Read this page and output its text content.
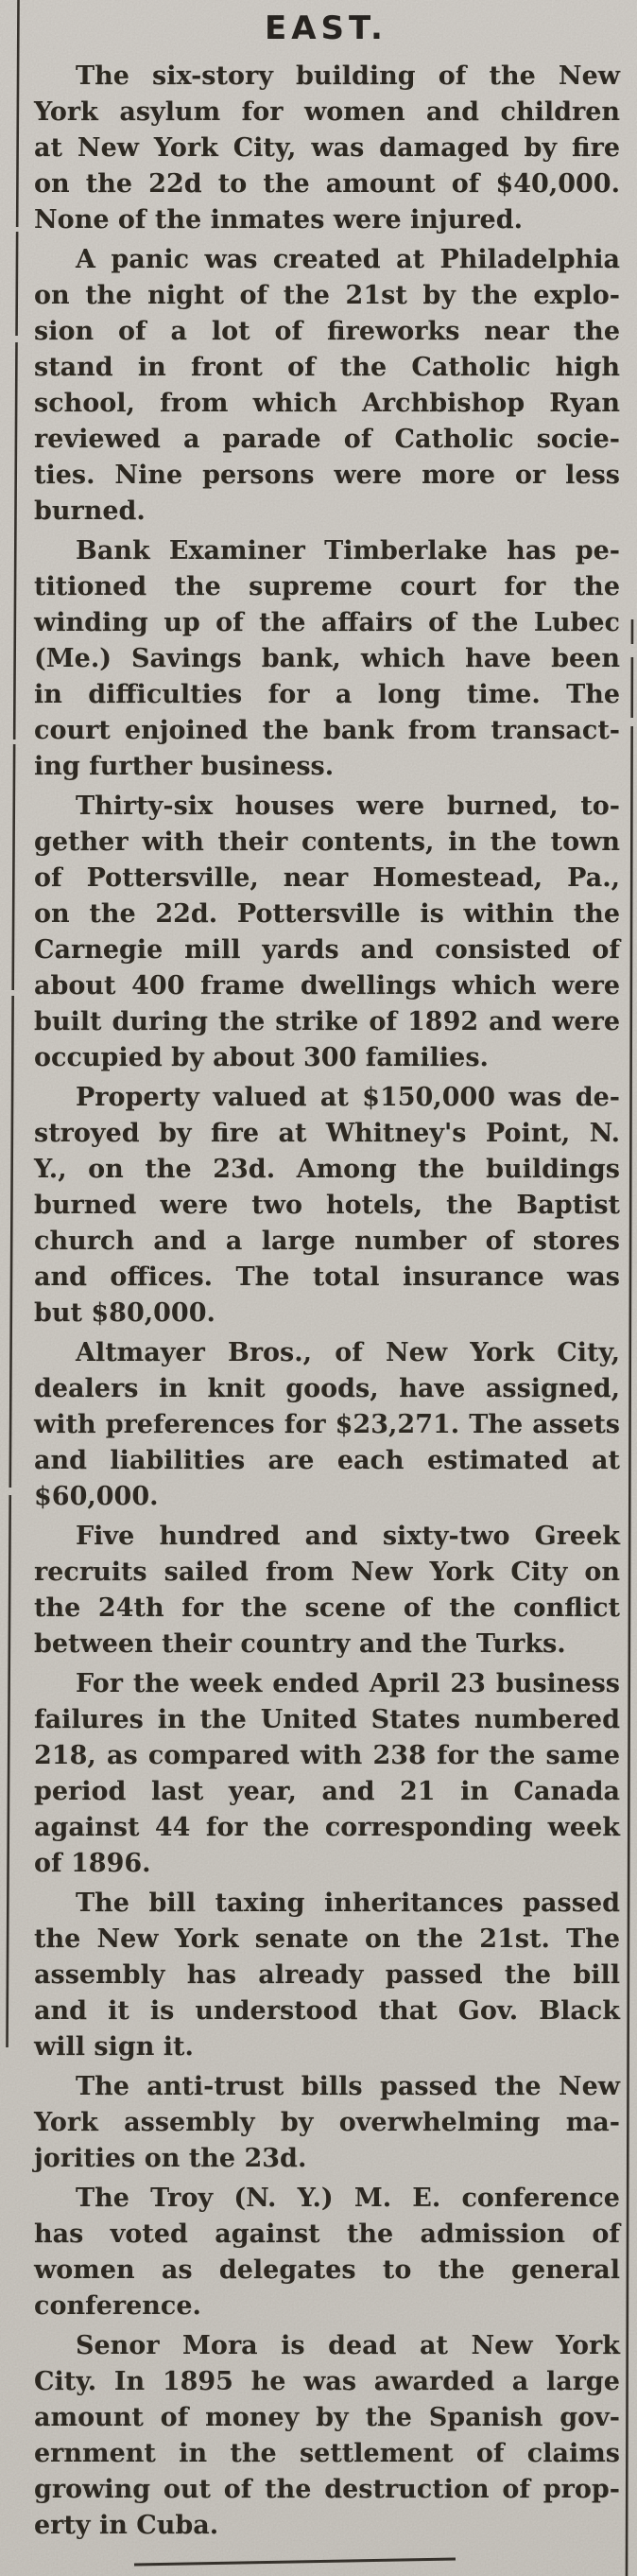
EAST.

The six-story building of the New
York asylum for women and children
at New York City, was damaged by fire
on the 22d to the amount of $40,000.
None of the inmates were injured.

A panic was created at Philadelphia
on the night of the 21st by the explo-
sion of a lot of fireworks near the
stand in front of the Catholic high
school, from which Archbishop Ryan
reviewed a parade of Catholic socie-
ties. Nine persons were more or less
burned.

Bank Examiner Timberlake has pe-
titioned the supreme court for the
winding up of the affairs of the Lubec
(Me.) Savings bank, which have been
in difficulties for a long time. The
court enjoined the bank from transact-
ing further business.

Thirty-six houses were burned, to-
gether with their contents, in the town
of Pottersville, near Homestead, Pa.,
on the 22d. Pottersville is within the
Carnegie mill yards and consisted of
about 400 frame dwellings which were
built during the strike of 1892 and were
occupied by about 300 families.

Property valued at $150,000 was de-
stroyed by fire at Whitney's Point, N.
Y., on the 23d. Among the buildings
burned were two hotels, the Baptist
church and a large number of stores
and offices. The total insurance was
but $80,000.

Altmayer Bros., of New York City,
dealers in knit goods, have assigned,
with preferences for $23,271. The assets
and liabilities are each estimated at
$60,000.

Five hundred and sixty-two Greek
recruits sailed from New York City on
the 24th for the scene of the conflict
between their country and the Turks.

For the week ended April 23 business
failures in the United States numbered
218, as compared with 238 for the same
period last year, and 21 in Canada
against 44 for the corresponding week
of 1896.

The bill taxing inheritances passed
the New York senate on the 21st. The
assembly has already passed the bill
and it is understood that Gov. Black
will sign it.

The anti-trust bills passed the New
York assembly by overwhelming ma-
jorities on the 23d.

The Troy (N. Y.) M. E. conference
has voted against the admission of
women as delegates to the general
conference.

Senor Mora is dead at New York
City. In 1895 he was awarded a large
amount of money by the Spanish gov-
ernment in the settlement of claims
growing out of the destruction of prop-
erty in Cuba.
